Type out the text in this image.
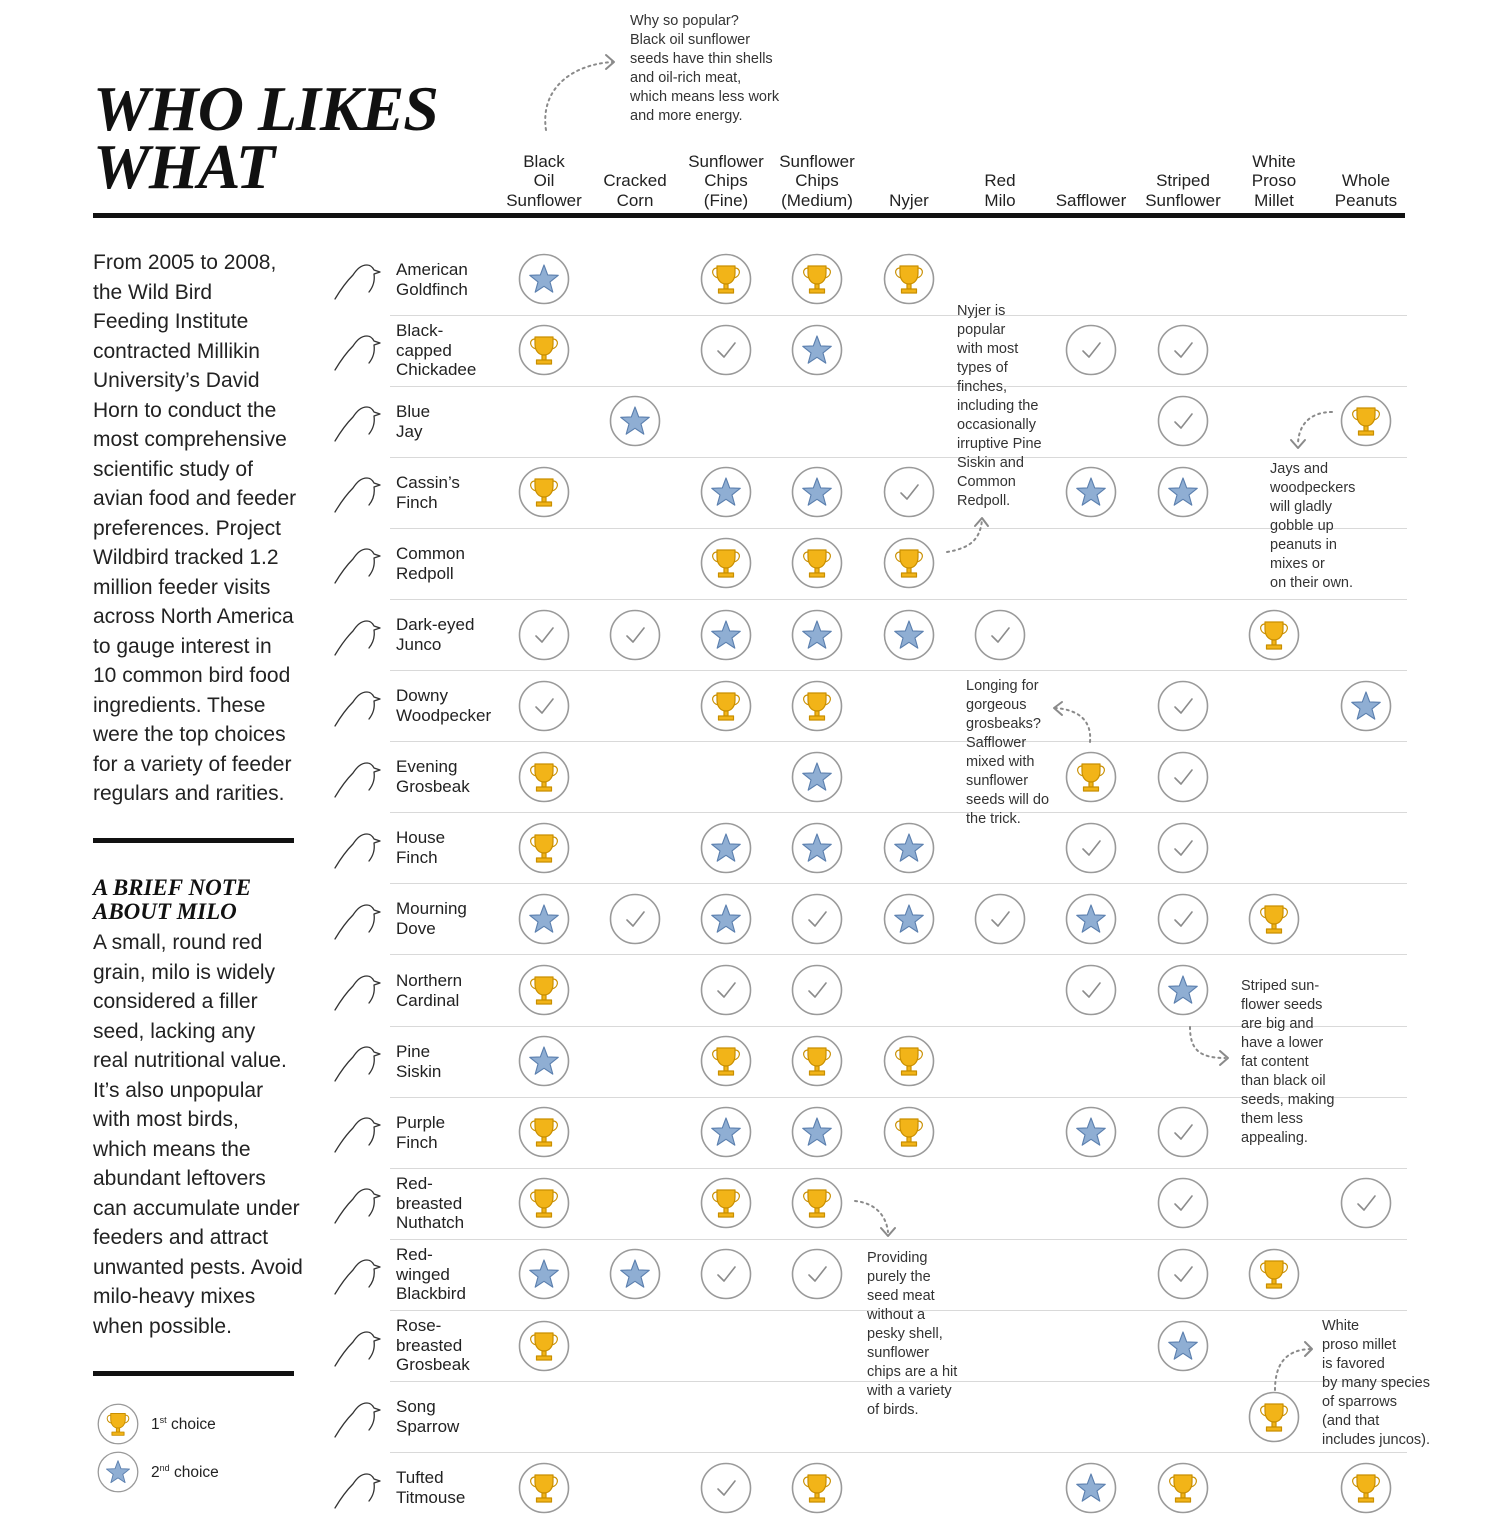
WHO LIKES
WHAT
Why so popular?
Black oil sunflower
seeds have thin shells
and oil-rich meat,
which means less work
and more energy.
Black
Oil
Sunflower
Cracked
Corn
Sunflower
Chips
(Fine)
Sunflower
Chips
(Medium)	Nyjer
Red
Milo	Safflower
Striped
Sunflower
White
Proso
Millet
Whole
Peanuts
From 2005 to 2008,
the Wild Bird
Feeding Institute
contracted Millikin
University’s David
Horn to conduct the
most comprehensive
scientific study of
avian food and feeder
preferences. Project
Wildbird tracked 1.2
million feeder visits
across North America
to gauge interest in
10 common bird food
ingredients. These
were the top choices
for a variety of feeder
regulars and rarities.
A BRIEF NOTE
ABOUT MILO
A small, round red
grain, milo is widely
considered a filler
seed, lacking any
real nutritional value.
It’s also unpopular
with most birds,
which means the
abundant leftovers
can accumulate under
feeders and attract
unwanted pests. Avoid
milo-heavy mixes
when possible.
1st choice
2nd choice
American
Goldfinch
Black-
capped
Chickadee
Blue
Jay
Cassin’s
Finch
Common
Redpoll
Dark-eyed
Junco
Downy
Woodpecker
Evening
Grosbeak
House
Finch
Mourning
Dove
Northern
Cardinal
Pine
Siskin
Purple
Finch
Red-
breasted
Nuthatch
Red-
winged
Blackbird
Rose-
breasted
Grosbeak
Song
Sparrow
Tufted
Titmouse
Nyjer is
popular
with most
types of
finches,
including the
occasionally
irruptive Pine
Siskin and
Common
Redpoll.
Jays and
woodpeckers
will gladly
gobble up
peanuts in
mixes or
on their own.
Longing for
gorgeous
grosbeaks?
Safflower
mixed with
sunflower
seeds will do
the trick.
Striped sun-
flower seeds
are big and
have a lower
fat content
than black oil
seeds, making
them less
appealing.
Providing
purely the
seed meat
without a
pesky shell,
sunflower
chips are a hit
with a variety
of birds.
White
proso millet
is favored
by many species
of sparrows
(and that
includes juncos).
